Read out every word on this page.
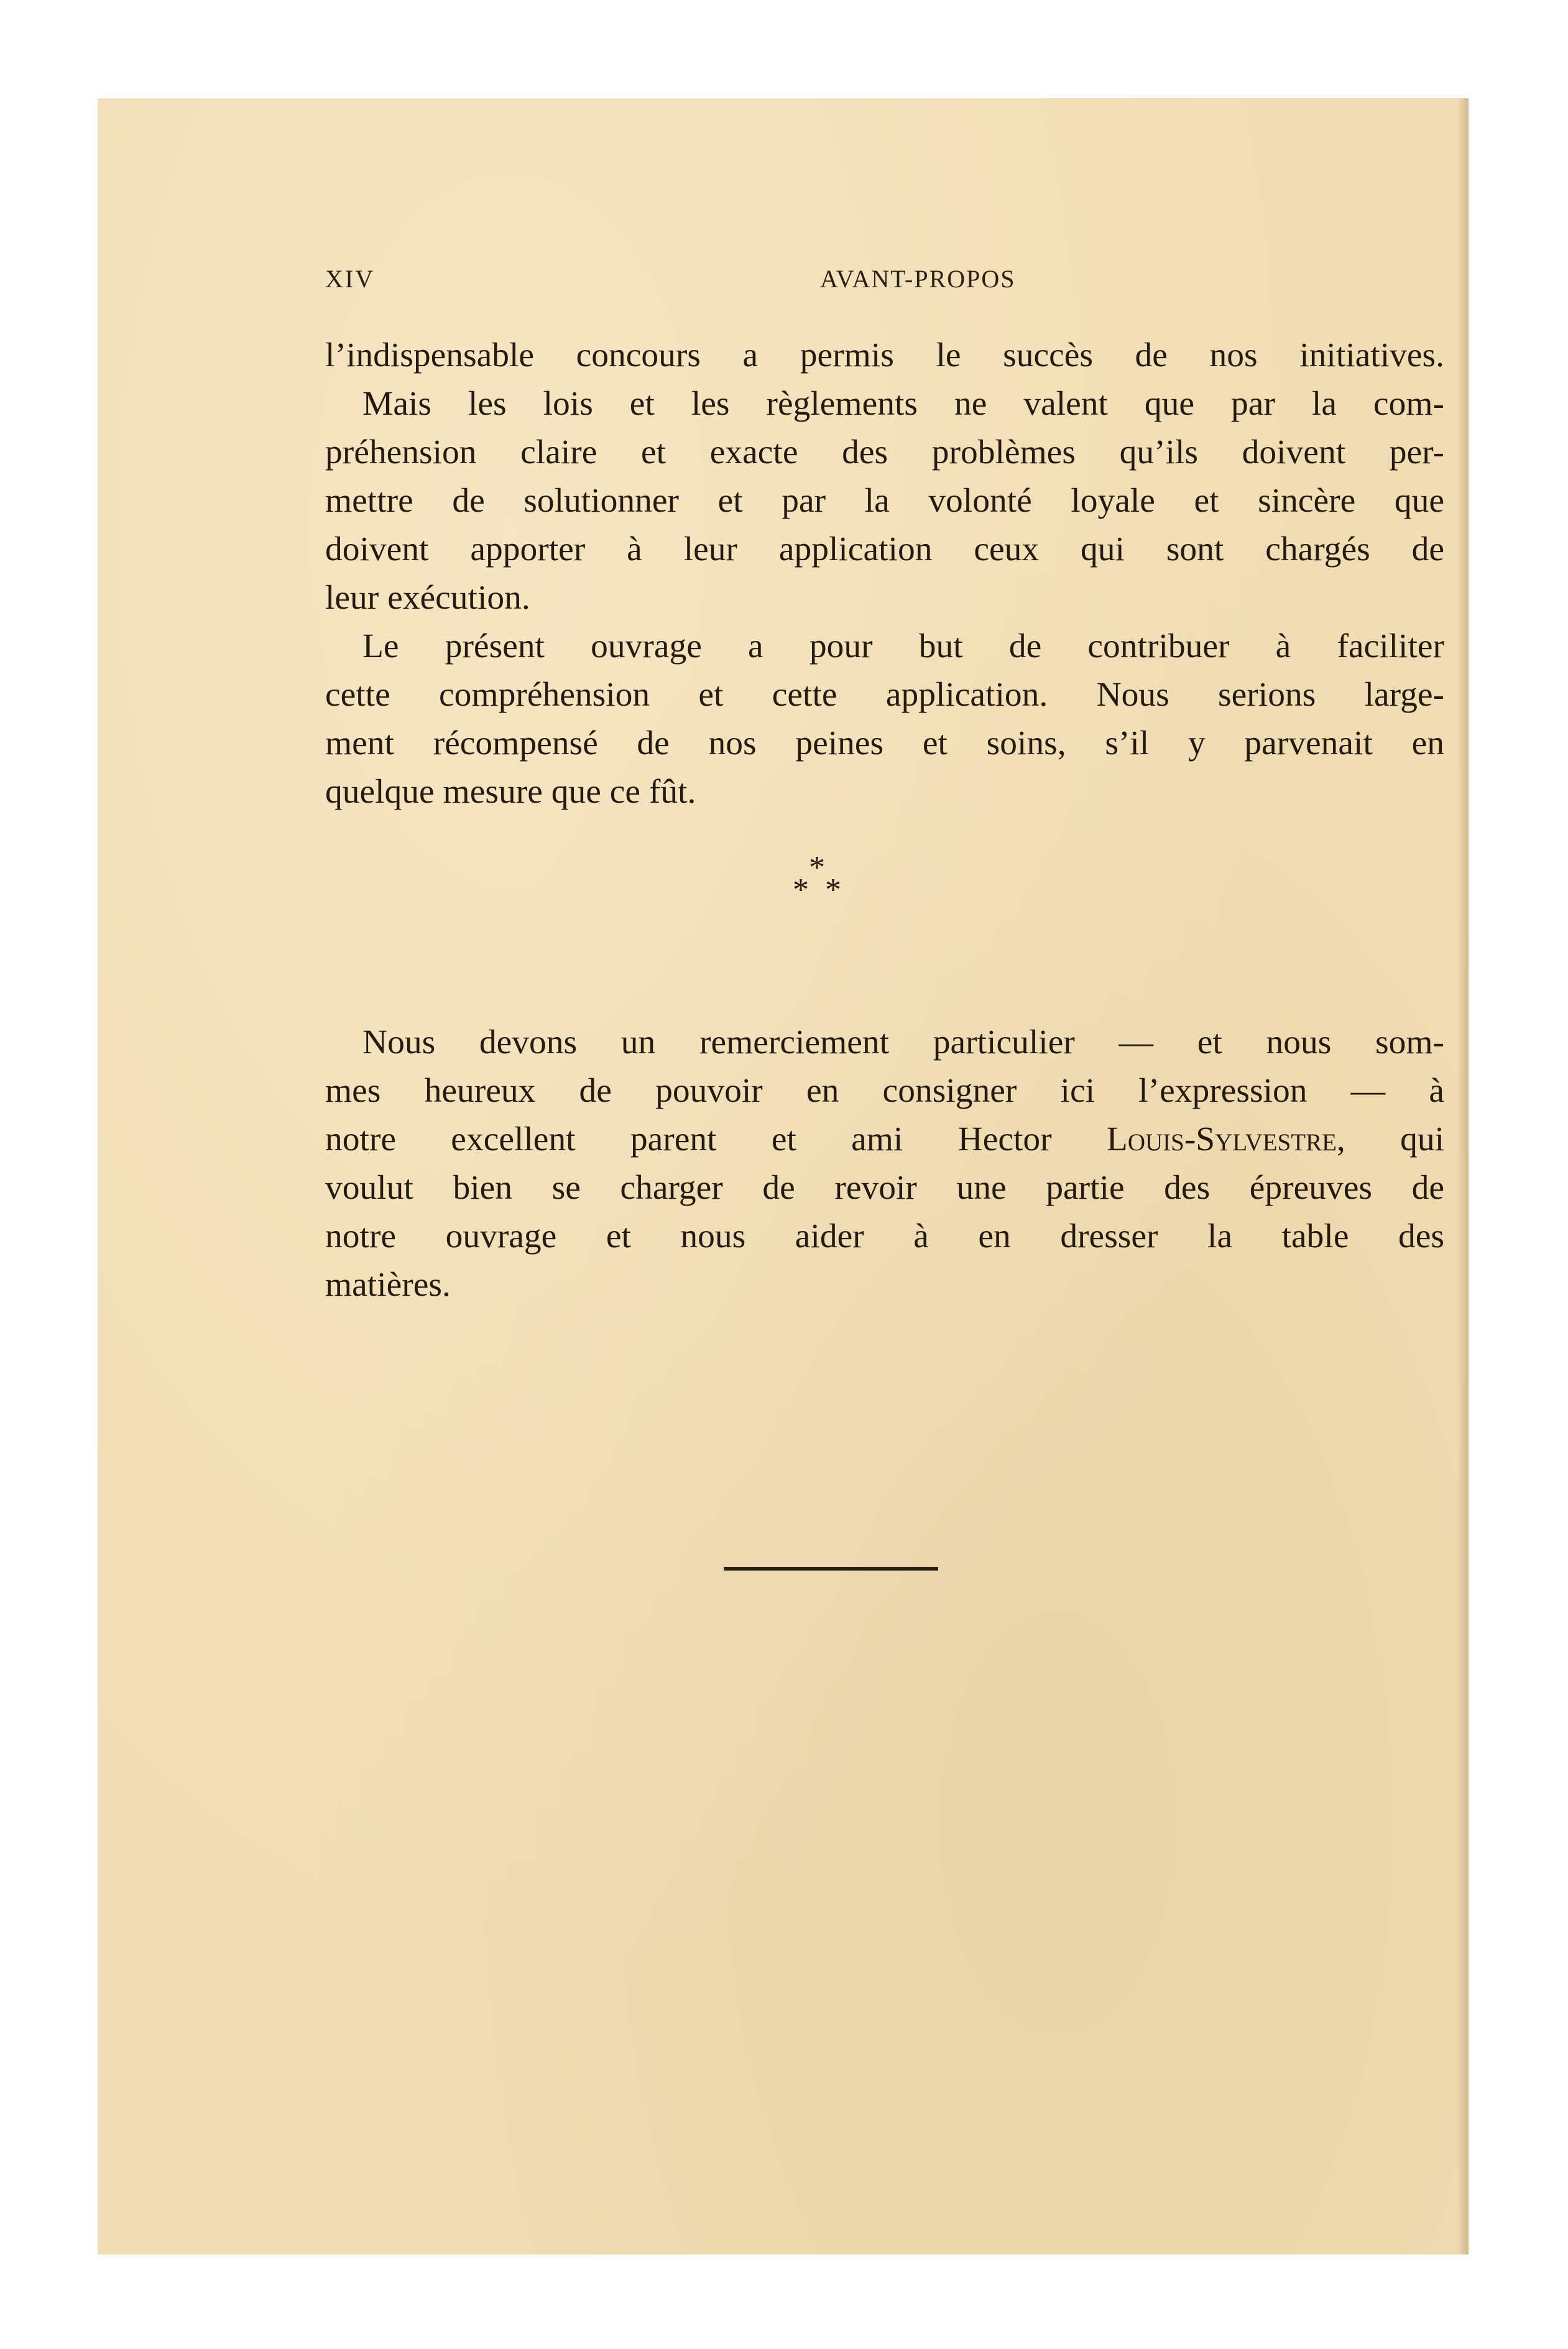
XIV	AVANT-PROPOS
l’indispensable concours a permis le succès de nos initiatives.
Mais les lois et les règlements ne valent que par la com-
préhension claire et exacte des problèmes qu’ils doivent per-
mettre de solutionner et par la volonté loyale et sincère que
doivent apporter à leur application ceux qui sont chargés de
leur exécution.
Le présent ouvrage a pour but de contribuer à faciliter
cette compréhension et cette application. Nous serions large-
ment récompensé de nos peines et soins, s’il y parvenait en
quelque mesure que ce fût.
*
* *
Nous devons un remerciement particulier — et nous som-
mes heureux de pouvoir en consigner ici l’expression — à
notre excellent parent et ami Hector Louis-Sylvestre, qui
voulut bien se charger de revoir une partie des épreuves de
notre ouvrage et nous aider à en dresser la table des
matières.
